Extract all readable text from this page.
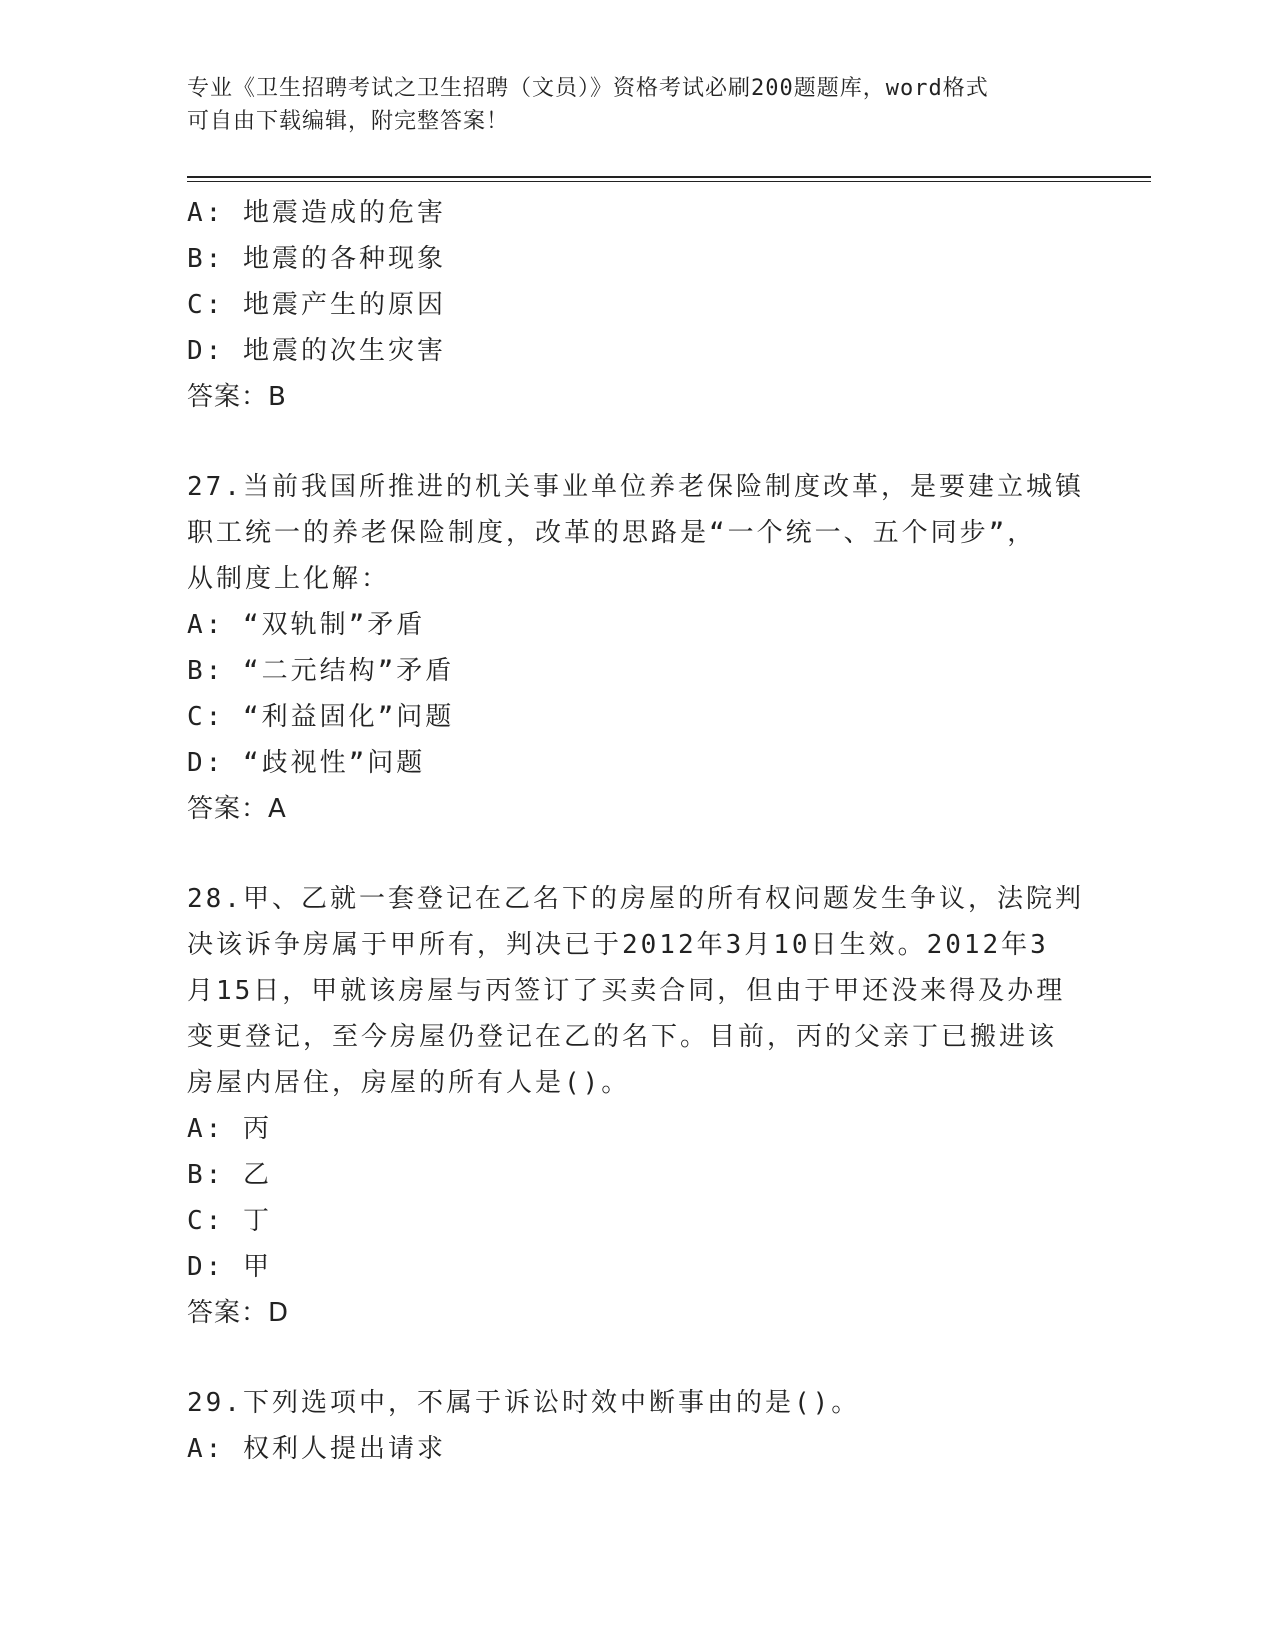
专业《卫生招聘考试之卫生招聘（文员）》资格考试必刷200题题库，word格式
可自由下载编辑，附完整答案！
A: 地震造成的危害
B: 地震的各种现象
C: 地震产生的原因
D: 地震的次生灾害
答案：B
27.当前我国所推进的机关事业单位养老保险制度改革，是要建立城镇
职工统一的养老保险制度，改革的思路是“一个统一、五个同步”，
从制度上化解：
A: “双轨制”矛盾
B: “二元结构”矛盾
C: “利益固化”问题
D: “歧视性”问题
答案：A
28.甲、乙就一套登记在乙名下的房屋的所有权问题发生争议，法院判
决该诉争房属于甲所有，判决已于2012年3月10日生效。2012年3
月15日，甲就该房屋与丙签订了买卖合同，但由于甲还没来得及办理
变更登记，至今房屋仍登记在乙的名下。目前，丙的父亲丁已搬进该
房屋内居住，房屋的所有人是()。
A: 丙
B: 乙
C: 丁
D: 甲
答案：D
29.下列选项中，不属于诉讼时效中断事由的是()。
A: 权利人提出请求
